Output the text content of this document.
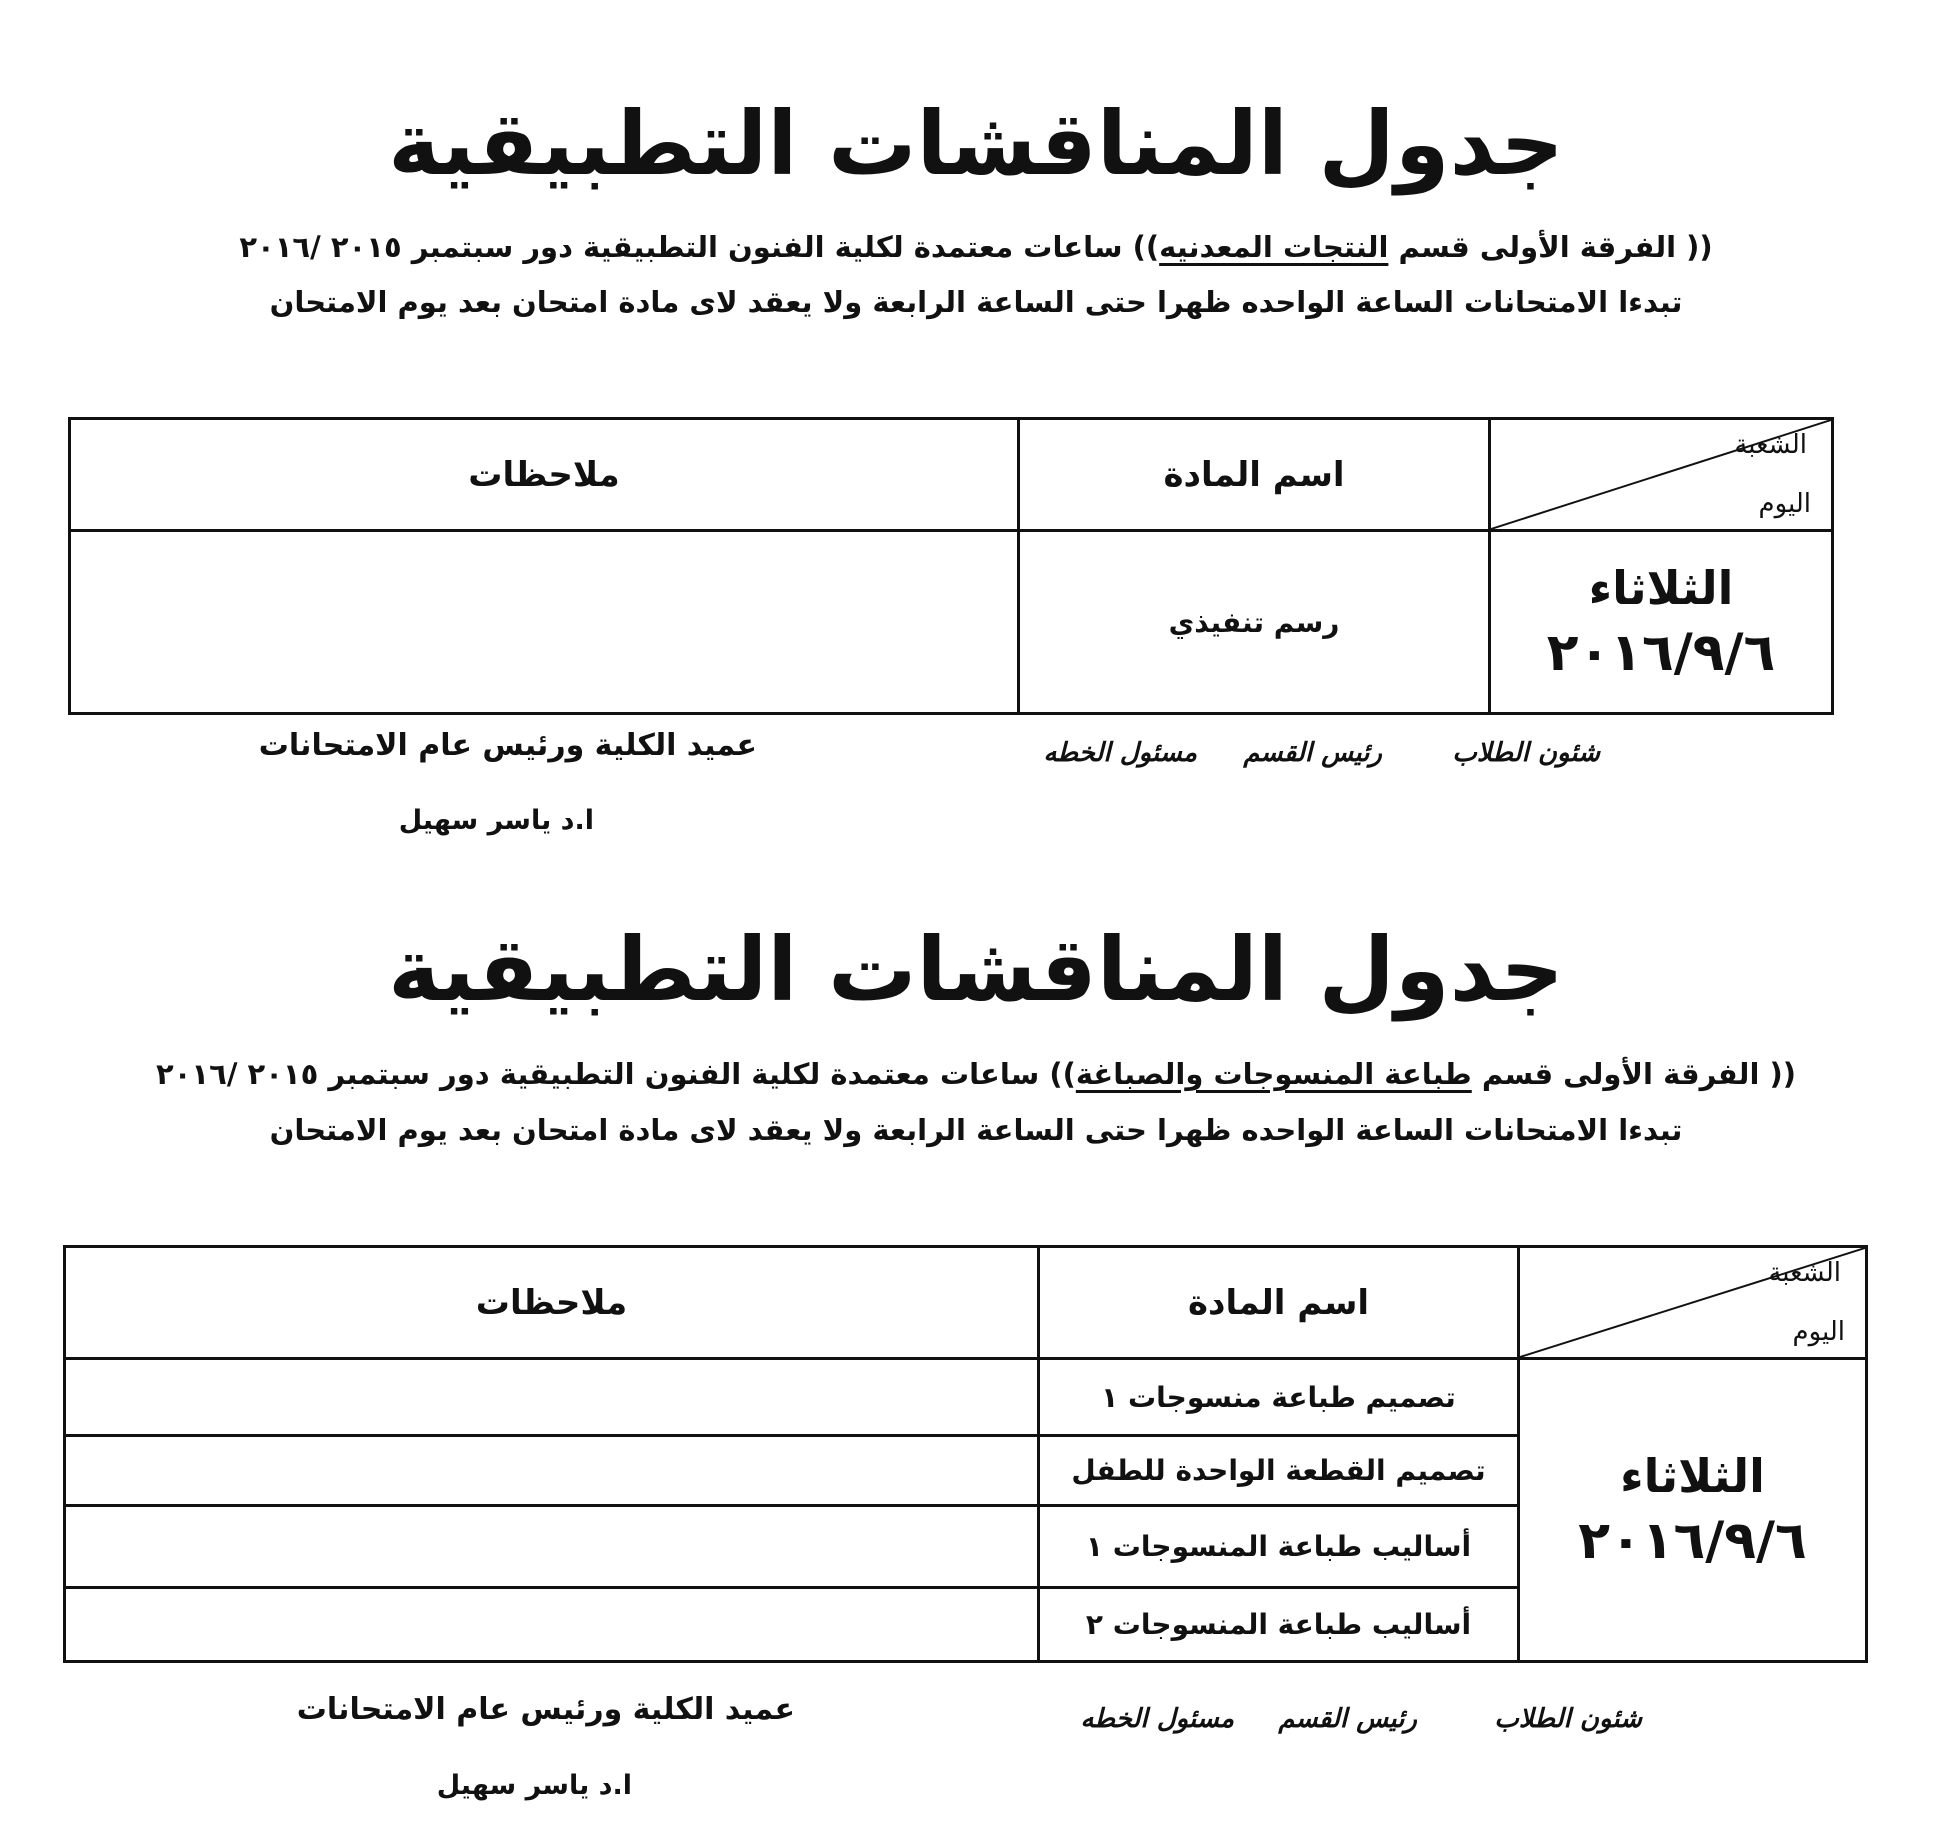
جدول المناقشات التطبيقية
(( الفرقة الأولى قسم النتجات المعدنيه)) ساعات معتمدة لكلية الفنون التطبيقية دور سبتمبر ٢٠١٥ /٢٠١٦
تبدءا الامتحانات الساعة الواحده ظهرا حتى الساعة الرابعة ولا يعقد لاى مادة امتحان بعد يوم الامتحان
الشعبة
اليوم	اسم المادة	ملاحظات

الثلاثاء
٢٠١٦/٩/٦	رسم تنفيذي	
شئون الطلاب
رئيس القسم
مسئول الخطه
عميد الكلية ورئيس عام الامتحانات
ا.د ياسر سهيل
جدول المناقشات التطبيقية
(( الفرقة الأولى قسم طباعة المنسوجات والصباغة)) ساعات معتمدة لكلية الفنون التطبيقية دور سبتمبر ٢٠١٥ /٢٠١٦
تبدءا الامتحانات الساعة الواحده ظهرا حتى الساعة الرابعة ولا يعقد لاى مادة امتحان بعد يوم الامتحان
الشعبة
اليوم	اسم المادة	ملاحظات

الثلاثاء
٢٠١٦/٩/٦	تصميم طباعة منسوجات ١	
	تصميم القطعة الواحدة للطفل	
	أساليب طباعة المنسوجات ١	
	أساليب طباعة المنسوجات ٢	
شئون الطلاب
رئيس القسم
مسئول الخطه
عميد الكلية ورئيس عام الامتحانات
ا.د ياسر سهيل
